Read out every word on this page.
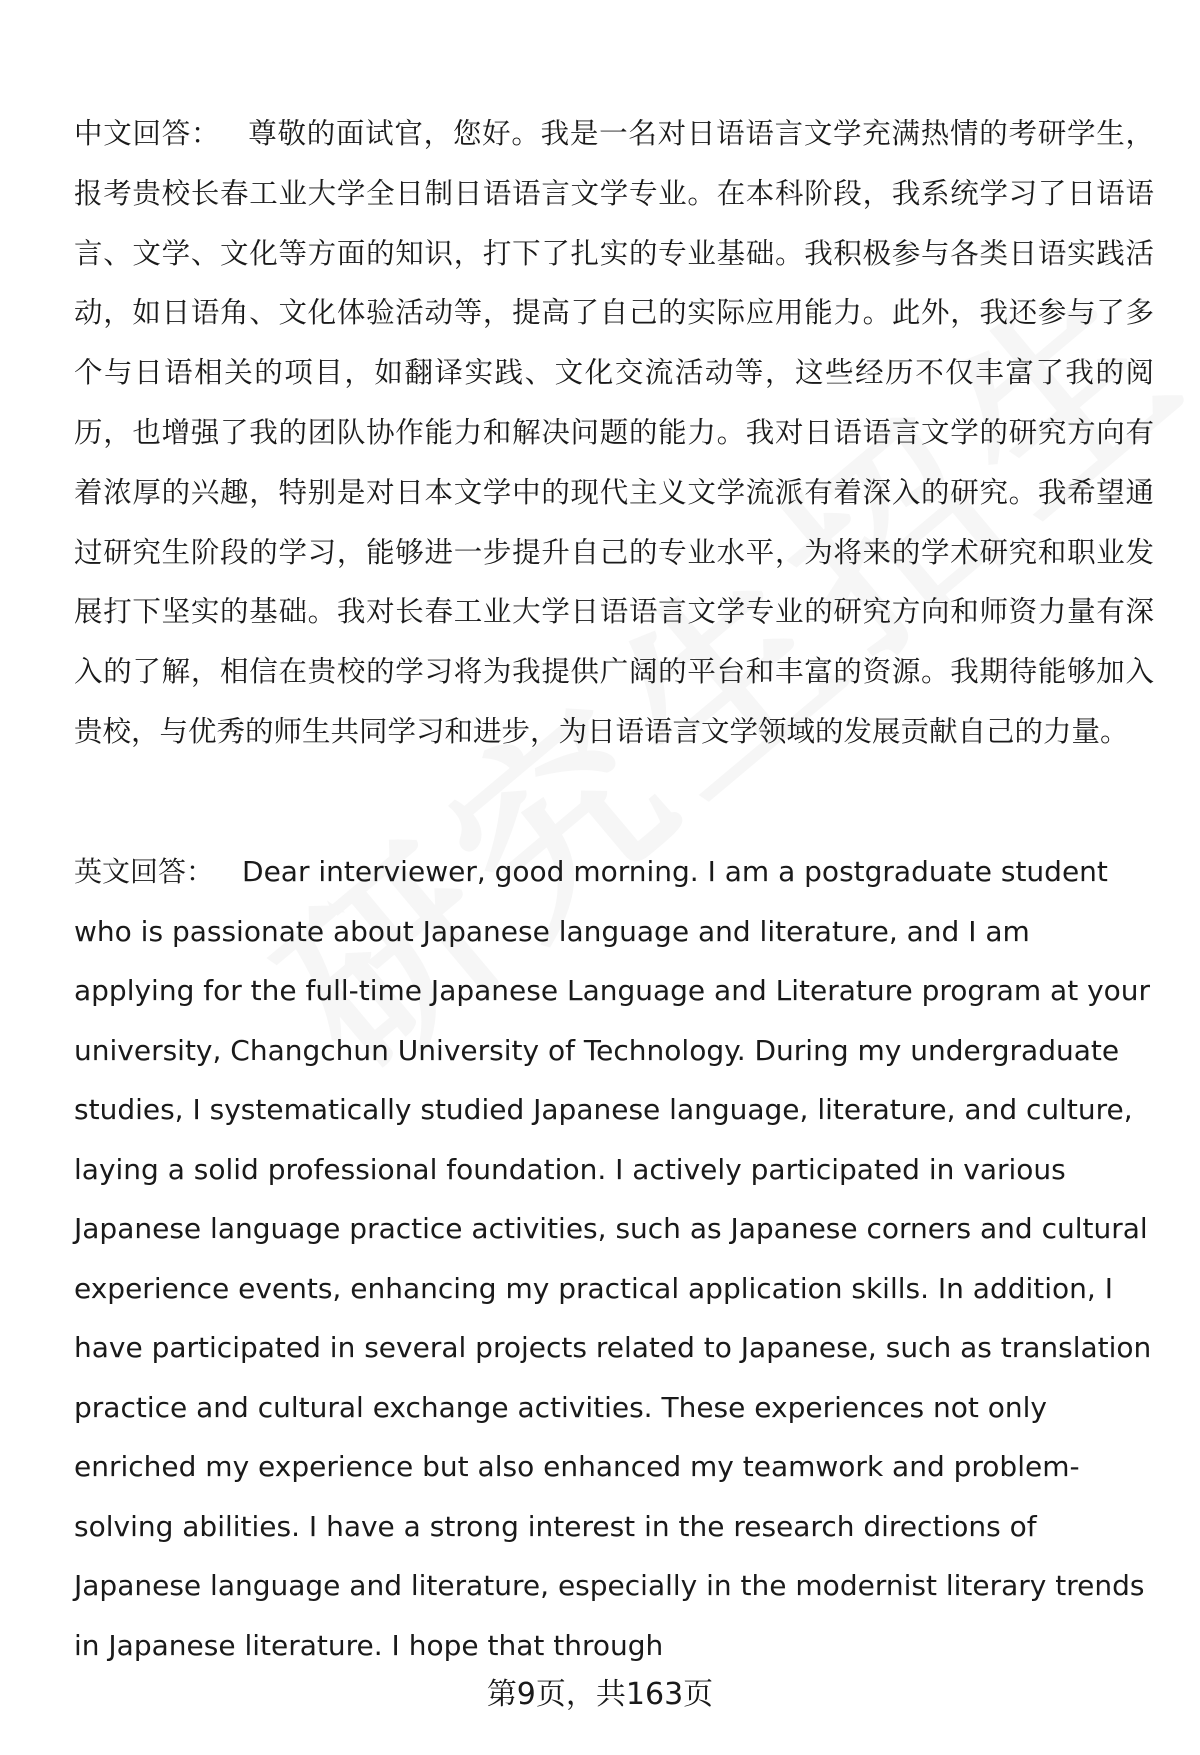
中文回答： 尊敬的面试官，您好。我是一名对日语语言文学充满热情的考研学生，报考贵校长春工业大学全日制日语语言文学专业。在本科阶段，我系统学习了日语语言、文学、文化等方面的知识，打下了扎实的专业基础。我积极参与各类日语实践活动，如日语角、文化体验活动等，提高了自己的实际应用能力。此外，我还参与了多个与日语相关的项目，如翻译实践、文化交流活动等，这些经历不仅丰富了我的阅历，也增强了我的团队协作能力和解决问题的能力。我对日语语言文学的研究方向有着浓厚的兴趣，特别是对日本文学中的现代主义文学流派有着深入的研究。我希望通过研究生阶段的学习，能够进一步提升自己的专业水平，为将来的学术研究和职业发展打下坚实的基础。我对长春工业大学日语语言文学专业的研究方向和师资力量有深入的了解，相信在贵校的学习将为我提供广阔的平台和丰富的资源。我期待能够加入贵校，与优秀的师生共同学习和进步，为日语语言文学领域的发展贡献自己的力量。

英文回答： Dear interviewer, good morning. I am a postgraduate student who is passionate about Japanese language and literature, and I am applying for the full-time Japanese Language and Literature program at your university, Changchun University of Technology. During my undergraduate studies, I systematically studied Japanese language, literature, and culture, laying a solid professional foundation. I actively participated in various Japanese language practice activities, such as Japanese corners and cultural experience events, enhancing my practical application skills. In addition, I have participated in several projects related to Japanese, such as translation practice and cultural exchange activities. These experiences not only enriched my experience but also enhanced my teamwork and problem-solving abilities. I have a strong interest in the research directions of Japanese language and literature, especially in the modernist literary trends in Japanese literature. I hope that through

第9页，共163页
